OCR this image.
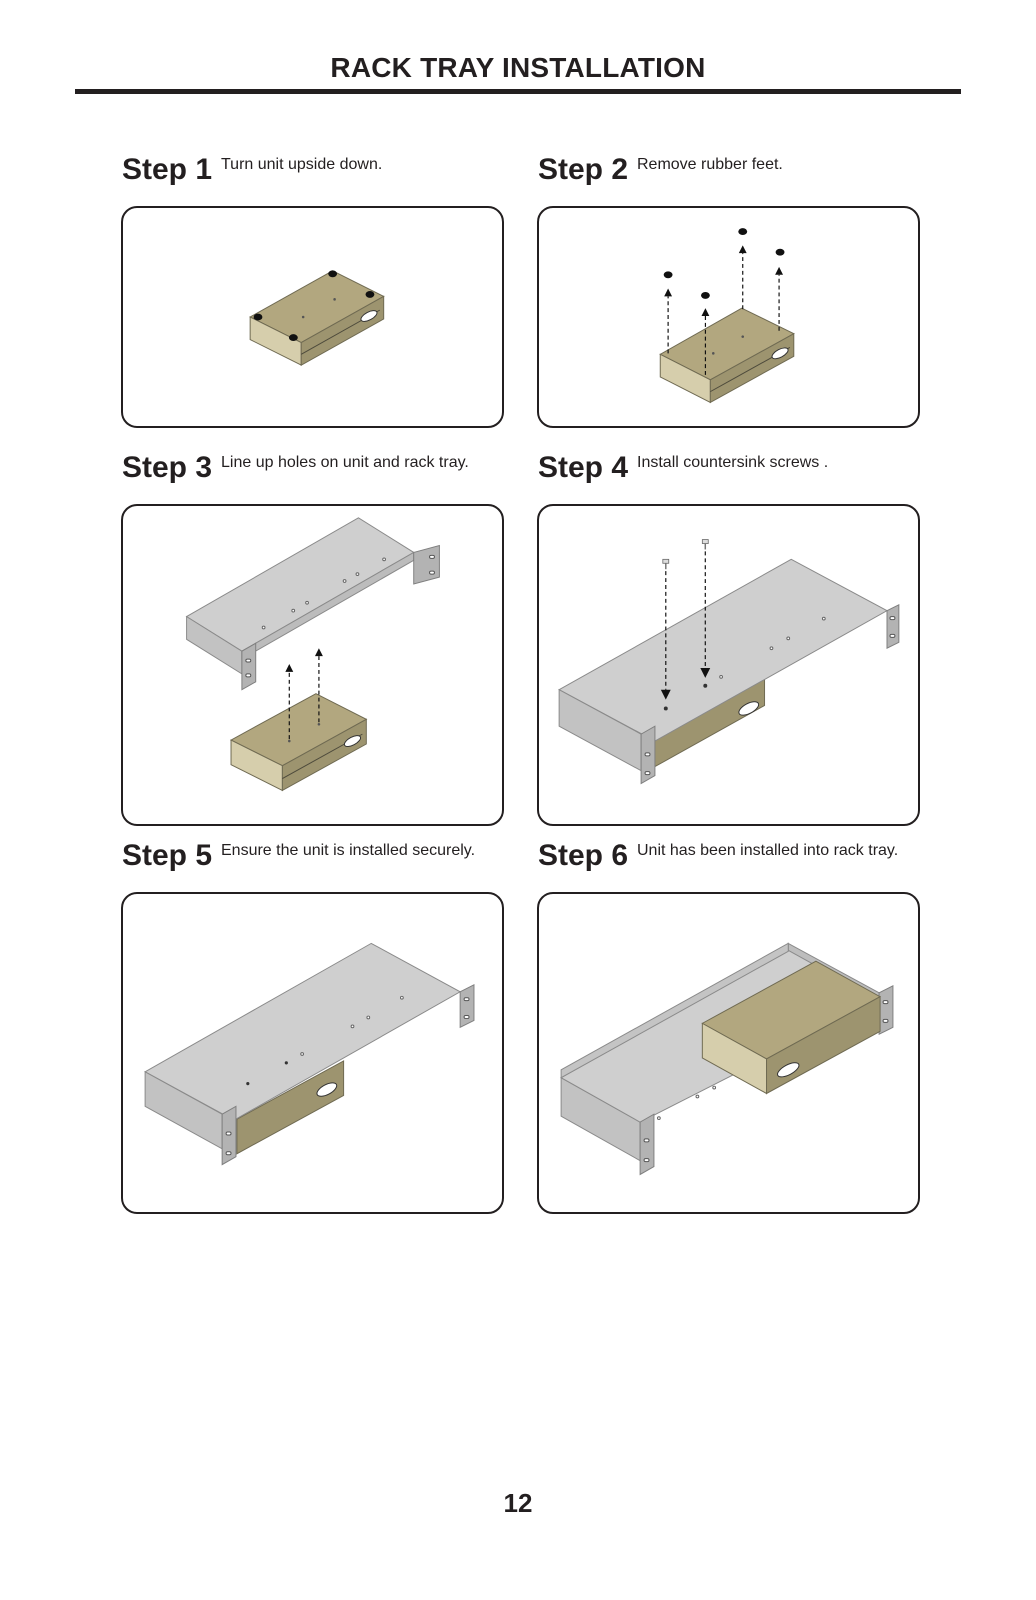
RACK TRAY INSTALLATION
Step 1 Turn unit upside down.	Step 2 Remove rubber feet.
Step 3 Line up holes on unit and rack tray. Step 4 Install countersink screws .
Step 5 Ensure the unit is installed securely. Step 6 Unit has been installed into rack tray.
12
